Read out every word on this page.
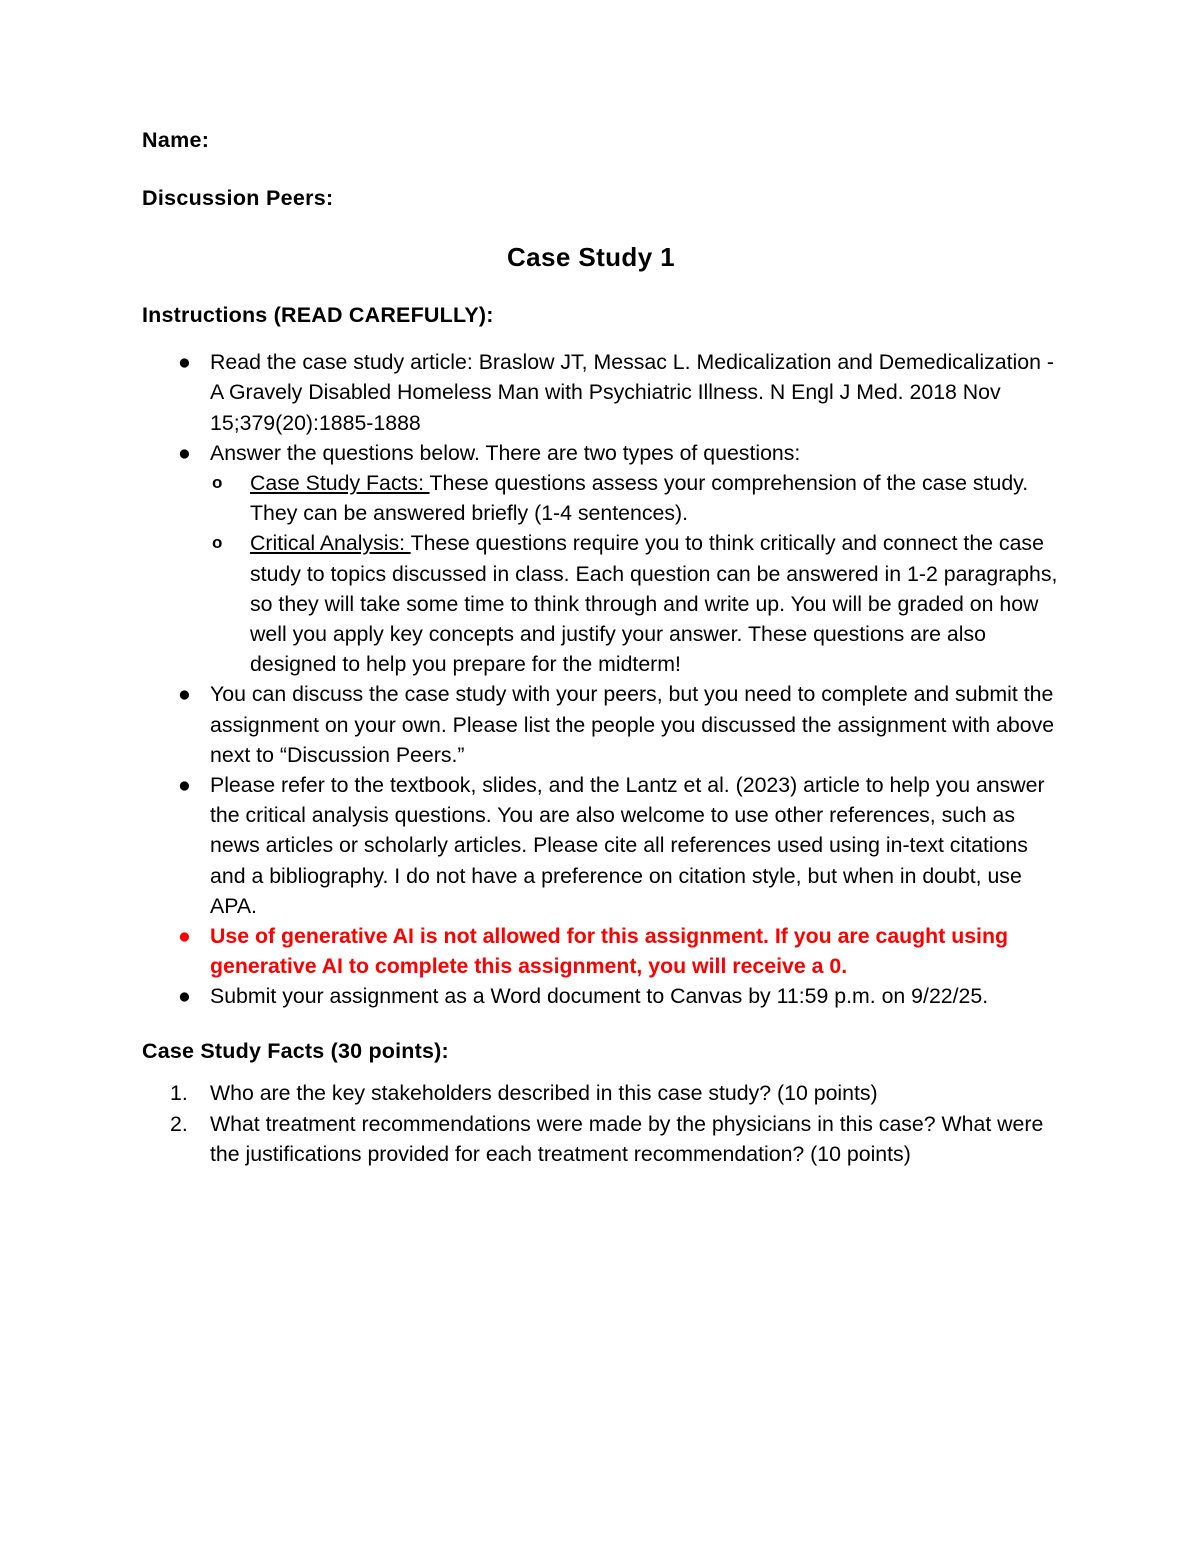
Name:
Discussion Peers:
Case Study 1
Instructions (READ CAREFULLY):
● Read the case study article: Braslow JT, Messac L. Medicalization and Demedicalization - A Gravely Disabled Homeless Man with Psychiatric Illness. N Engl J Med. 2018 Nov 15;379(20):1885-1888
● Answer the questions below. There are two types of questions:
o Case Study Facts: These questions assess your comprehension of the case study. They can be answered briefly (1-4 sentences).
o Critical Analysis: These questions require you to think critically and connect the case study to topics discussed in class. Each question can be answered in 1-2 paragraphs, so they will take some time to think through and write up. You will be graded on how well you apply key concepts and justify your answer. These questions are also designed to help you prepare for the midterm!
● You can discuss the case study with your peers, but you need to complete and submit the assignment on your own. Please list the people you discussed the assignment with above next to “Discussion Peers.”
● Please refer to the textbook, slides, and the Lantz et al. (2023) article to help you answer the critical analysis questions. You are also welcome to use other references, such as news articles or scholarly articles. Please cite all references used using in-text citations and a bibliography. I do not have a preference on citation style, but when in doubt, use APA.
● Use of generative AI is not allowed for this assignment. If you are caught using generative AI to complete this assignment, you will receive a 0.
● Submit your assignment as a Word document to Canvas by 11:59 p.m. on 9/22/25.
Case Study Facts (30 points):
1.	Who are the key stakeholders described in this case study? (10 points)
2.	What treatment recommendations were made by the physicians in this case? What were the justifications provided for each treatment recommendation? (10 points)
